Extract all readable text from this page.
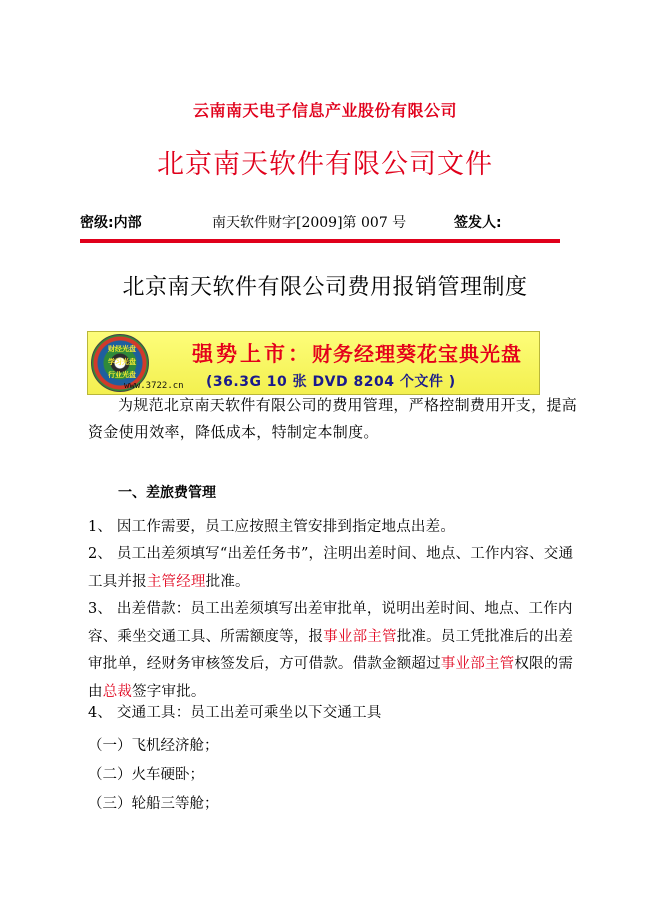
云南南天电子信息产业股份有限公司
北京南天软件有限公司文件
密级:内部	南天软件财字[2009]第 007 号	签发人:
北京南天软件有限公司费用报销管理制度
财经光盘
学习光盘
行业光盘
强势上市：财务经理葵花宝典光盘
(36.3G 10 张 DVD 8204 个文件 )
www.3722.cn
为规范北京南天软件有限公司的费用管理，严格控制费用开支，提高资金使用效率，降低成本，特制定本制度。
一、差旅费管理
1、 因工作需要，员工应按照主管安排到指定地点出差。
2、 员工出差须填写“出差任务书”，注明出差时间、地点、工作内容、交通工具并报主管经理批准。
3、 出差借款：员工出差须填写出差审批单，说明出差时间、地点、工作内容、乘坐交通工具、所需额度等，报事业部主管批准。员工凭批准后的出差审批单，经财务审核签发后，方可借款。借款金额超过事业部主管权限的需由总裁签字审批。
4、 交通工具：员工出差可乘坐以下交通工具
（一）飞机经济舱；
（二）火车硬卧；
（三）轮船三等舱；
